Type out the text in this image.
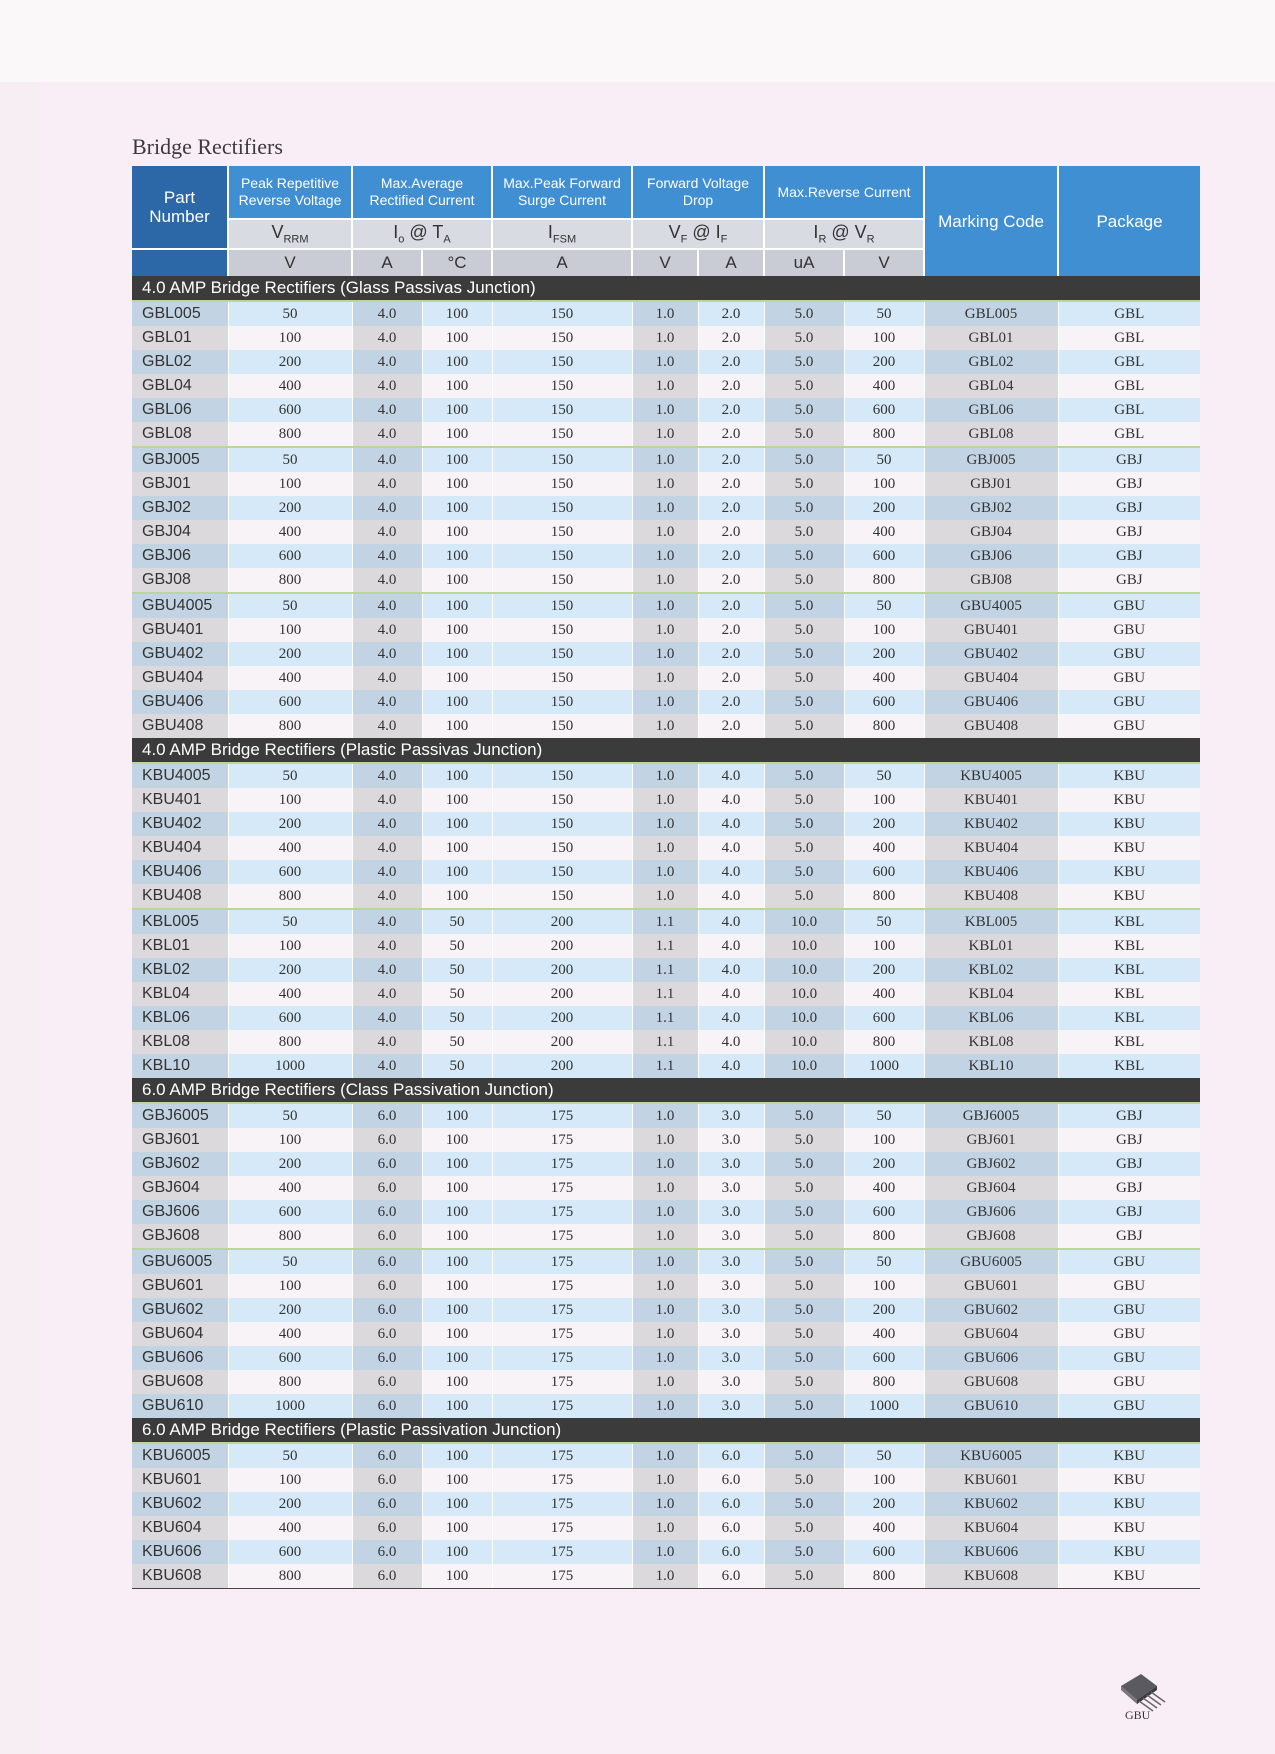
Bridge Rectifiers
Part Number	Peak Repetitive Reverse Voltage	Max.Average Rectified Current		Max.Peak Forward Surge Current	Forward Voltage Drop		Max.Reverse Current		Marking Code	Package
	$V_{RRM}$	$I_o$ @ $T_A$		$I_{FSM}$	$V_F$ @ $I_F$		$I_R$ @ $V_R$
	V	A	°C	A	V	A	uA	V		
4.0 AMP Bridge Rectifiers (Glass Passivas Junction)										
GBL005	50	4.0	100	150	1.0	2.0	5.0	50	GBL005	GBL
GBL01	100	4.0	100	150	1.0	2.0	5.0	100	GBL01	GBL
GBL02	200	4.0	100	150	1.0	2.0	5.0	200	GBL02	GBL
GBL04	400	4.0	100	150	1.0	2.0	5.0	400	GBL04	GBL
GBL06	600	4.0	100	150	1.0	2.0	5.0	600	GBL06	GBL
GBL08	800	4.0	100	150	1.0	2.0	5.0	800	GBL08	GBL
GBJ005	50	4.0	100	150	1.0	2.0	5.0	50	GBJ005	GBJ
GBJ01	100	4.0	100	150	1.0	2.0	5.0	100	GBJ01	GBJ
GBJ02	200	4.0	100	150	1.0	2.0	5.0	200	GBJ02	GBJ
GBJ04	400	4.0	100	150	1.0	2.0	5.0	400	GBJ04	GBJ
GBJ06	600	4.0	100	150	1.0	2.0	5.0	600	GBJ06	GBJ
GBJ08	800	4.0	100	150	1.0	2.0	5.0	800	GBJ08	GBJ
GBU4005	50	4.0	100	150	1.0	2.0	5.0	50	GBU4005	GBU
GBU401	100	4.0	100	150	1.0	2.0	5.0	100	GBU401	GBU
GBU402	200	4.0	100	150	1.0	2.0	5.0	200	GBU402	GBU
GBU404	400	4.0	100	150	1.0	2.0	5.0	400	GBU404	GBU
GBU406	600	4.0	100	150	1.0	2.0	5.0	600	GBU406	GBU
GBU408	800	4.0	100	150	1.0	2.0	5.0	800	GBU408	GBU
4.0 AMP Bridge Rectifiers (Plastic Passivas Junction)										
KBU4005	50	4.0	100	150	1.0	4.0	5.0	50	KBU4005	KBU
KBU401	100	4.0	100	150	1.0	4.0	5.0	100	KBU401	KBU
KBU402	200	4.0	100	150	1.0	4.0	5.0	200	KBU402	KBU
KBU404	400	4.0	100	150	1.0	4.0	5.0	400	KBU404	KBU
KBU406	600	4.0	100	150	1.0	4.0	5.0	600	KBU406	KBU
KBU408	800	4.0	100	150	1.0	4.0	5.0	800	KBU408	KBU
KBL005	50	4.0	50	200	1.1	4.0	10.0	50	KBL005	KBL
KBL01	100	4.0	50	200	1.1	4.0	10.0	100	KBL01	KBL
KBL02	200	4.0	50	200	1.1	4.0	10.0	200	KBL02	KBL
KBL04	400	4.0	50	200	1.1	4.0	10.0	400	KBL04	KBL
KBL06	600	4.0	50	200	1.1	4.0	10.0	600	KBL06	KBL
KBL08	800	4.0	50	200	1.1	4.0	10.0	800	KBL08	KBL
KBL10	1000	4.0	50	200	1.1	4.0	10.0	1000	KBL10	KBL
6.0 AMP Bridge Rectifiers (Class Passivation Junction)										
GBJ6005	50	6.0	100	175	1.0	3.0	5.0	50	GBJ6005	GBJ
GBJ601	100	6.0	100	175	1.0	3.0	5.0	100	GBJ601	GBJ
GBJ602	200	6.0	100	175	1.0	3.0	5.0	200	GBJ602	GBJ
GBJ604	400	6.0	100	175	1.0	3.0	5.0	400	GBJ604	GBJ
GBJ606	600	6.0	100	175	1.0	3.0	5.0	600	GBJ606	GBJ
GBJ608	800	6.0	100	175	1.0	3.0	5.0	800	GBJ608	GBJ
GBU6005	50	6.0	100	175	1.0	3.0	5.0	50	GBU6005	GBU
GBU601	100	6.0	100	175	1.0	3.0	5.0	100	GBU601	GBU
GBU602	200	6.0	100	175	1.0	3.0	5.0	200	GBU602	GBU
GBU604	400	6.0	100	175	1.0	3.0	5.0	400	GBU604	GBU
GBU606	600	6.0	100	175	1.0	3.0	5.0	600	GBU606	GBU
GBU608	800	6.0	100	175	1.0	3.0	5.0	800	GBU608	GBU
GBU610	1000	6.0	100	175	1.0	3.0	5.0	1000	GBU610	GBU
6.0 AMP Bridge Rectifiers (Plastic Passivation Junction)										
KBU6005	50	6.0	100	175	1.0	6.0	5.0	50	KBU6005	KBU
KBU601	100	6.0	100	175	1.0	6.0	5.0	100	KBU601	KBU
KBU602	200	6.0	100	175	1.0	6.0	5.0	200	KBU602	KBU
KBU604	400	6.0	100	175	1.0	6.0	5.0	400	KBU604	KBU
KBU606	600	6.0	100	175	1.0	6.0	5.0	600	KBU606	KBU
KBU608	800	6.0	100	175	1.0	6.0	5.0	800	KBU608	KBU
GBU
